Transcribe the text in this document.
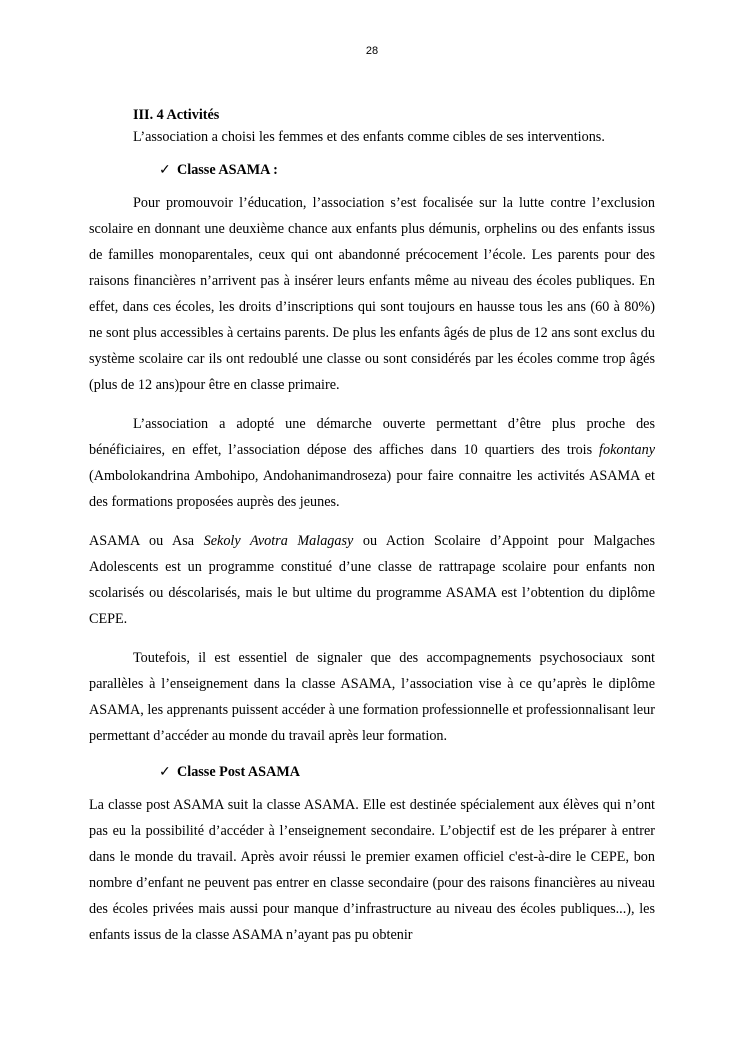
28
III. 4 Activités
L’association a choisi les femmes et des enfants comme cibles de ses interventions.
✓ Classe ASAMA :

Pour promouvoir l’éducation, l’association s’est focalisée sur la lutte contre l’exclusion scolaire en donnant une deuxième chance aux enfants plus démunis, orphelins ou des enfants issus de familles monoparentales, ceux qui ont abandonné précocement l’école. Les parents pour des raisons financières n’arrivent pas à insérer leurs enfants même au niveau des écoles publiques. En effet, dans ces écoles, les droits d’inscriptions qui sont toujours en hausse tous les ans (60 à 80%) ne sont plus accessibles à certains parents. De plus les enfants âgés de plus de 12 ans sont exclus du système scolaire car ils ont redoublé une classe ou sont considérés par les écoles comme trop âgés (plus de 12 ans)pour être en classe primaire.

L’association a adopté une démarche ouverte permettant d’être plus proche des bénéficiaires, en effet, l’association dépose des affiches dans 10 quartiers des trois fokontany (Ambolokandrina Ambohipo, Andohanimandroseza) pour faire connaitre les activités ASAMA et des formations proposées auprès des jeunes.

ASAMA ou Asa Sekoly Avotra Malagasy ou Action Scolaire d’Appoint pour Malgaches Adolescents est un programme constitué d’une classe de rattrapage scolaire pour enfants non scolarisés ou déscolarisés, mais le but ultime du programme ASAMA est l’obtention du diplôme CEPE.

Toutefois, il est essentiel de signaler que des accompagnements psychosociaux sont parallèles à l’enseignement dans la classe ASAMA, l’association vise à ce qu’après le diplôme ASAMA, les apprenants puissent accéder à une formation professionnelle et professionnalisant leur permettant d’accéder au monde du travail après leur formation.

✓ Classe Post ASAMA

La classe post ASAMA suit la classe ASAMA. Elle est destinée spécialement aux élèves qui n’ont pas eu la possibilité d’accéder à l’enseignement secondaire. L’objectif est de les préparer à entrer dans le monde du travail. Après avoir réussi le premier examen officiel c'est-à-dire le CEPE, bon nombre d’enfant ne peuvent pas entrer en classe secondaire (pour des raisons financières au niveau des écoles privées mais aussi pour manque d’infrastructure au niveau des écoles publiques...), les enfants issus de la classe ASAMA n’ayant pas pu obtenir
